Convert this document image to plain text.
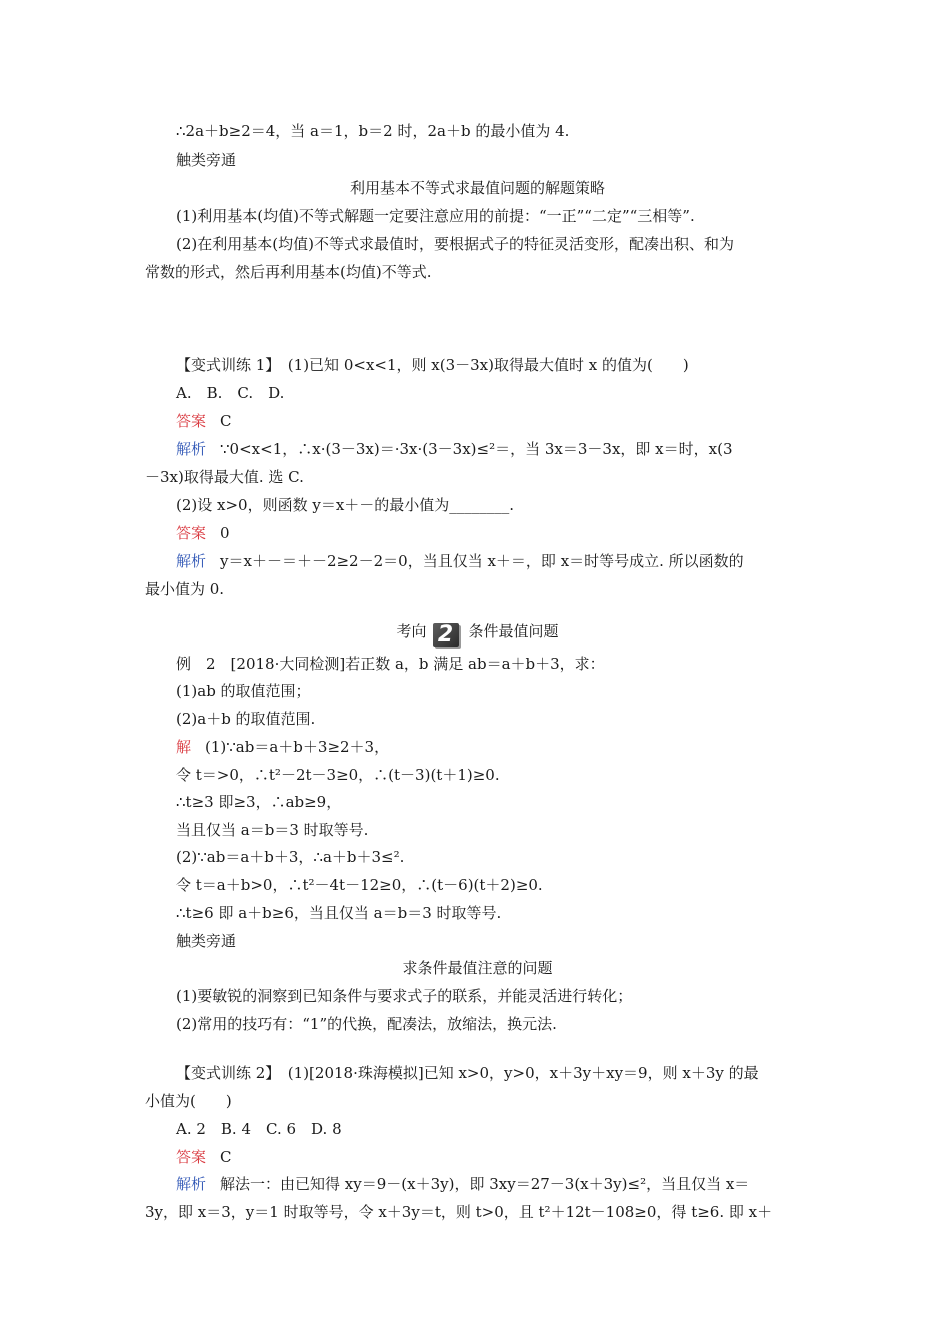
∴2a＋b≥2＝4，当 a＝1，b＝2 时，2a＋b 的最小值为 4.
触类旁通
利用基本不等式求最值问题的解题策略
(1)利用基本(均值)不等式解题一定要注意应用的前提：“一正”“二定”“三相等”.
(2)在利用基本(均值)不等式求最值时，要根据式子的特征灵活变形，配凑出积、和为
常数的形式，然后再利用基本(均值)不等式.
【变式训练 1】　(1)已知 0<x<1，则 x(3－3x)取得最大值时 x 的值为(　　)
A.　B.　C.　D.
答案 C
解析 ∵0<x<1，∴x·(3－3x)＝·3x·(3－3x)≤²＝，当 3x＝3－3x，即 x＝时，x(3
－3x)取得最大值. 选 C.
(2)设 x>0，则函数 y＝x＋－的最小值为________.
答案 0
解析 y＝x＋－＝＋－2≥2－2＝0，当且仅当 x＋＝，即 x＝时等号成立. 所以函数的
最小值为 0.
考向 2 条件最值问题
例　2　[2018·大同检测]若正数 a，b 满足 ab＝a＋b＋3，求：
(1)ab 的取值范围；
(2)a＋b 的取值范围.
解 (1)∵ab＝a＋b＋3≥2＋3，
令 t＝>0，∴t²－2t－3≥0，∴(t－3)(t＋1)≥0.
∴t≥3 即≥3，∴ab≥9，
当且仅当 a＝b＝3 时取等号.
(2)∵ab＝a＋b＋3，∴a＋b＋3≤².
令 t＝a＋b>0，∴t²－4t－12≥0，∴(t－6)(t＋2)≥0.
∴t≥6 即 a＋b≥6，当且仅当 a＝b＝3 时取等号.
触类旁通
求条件最值注意的问题
(1)要敏锐的洞察到已知条件与要求式子的联系，并能灵活进行转化；
(2)常用的技巧有：“1”的代换，配凑法，放缩法，换元法.
【变式训练 2】　(1)[2018·珠海模拟]已知 x>0，y>0，x＋3y＋xy＝9，则 x＋3y 的最
小值为(　　)
A. 2　B. 4　C. 6　D. 8
答案 C
解析 解法一：由已知得 xy＝9－(x＋3y)，即 3xy＝27－3(x＋3y)≤²，当且仅当 x＝
3y，即 x＝3，y＝1 时取等号，令 x＋3y＝t，则 t>0，且 t²＋12t－108≥0，得 t≥6. 即 x＋
